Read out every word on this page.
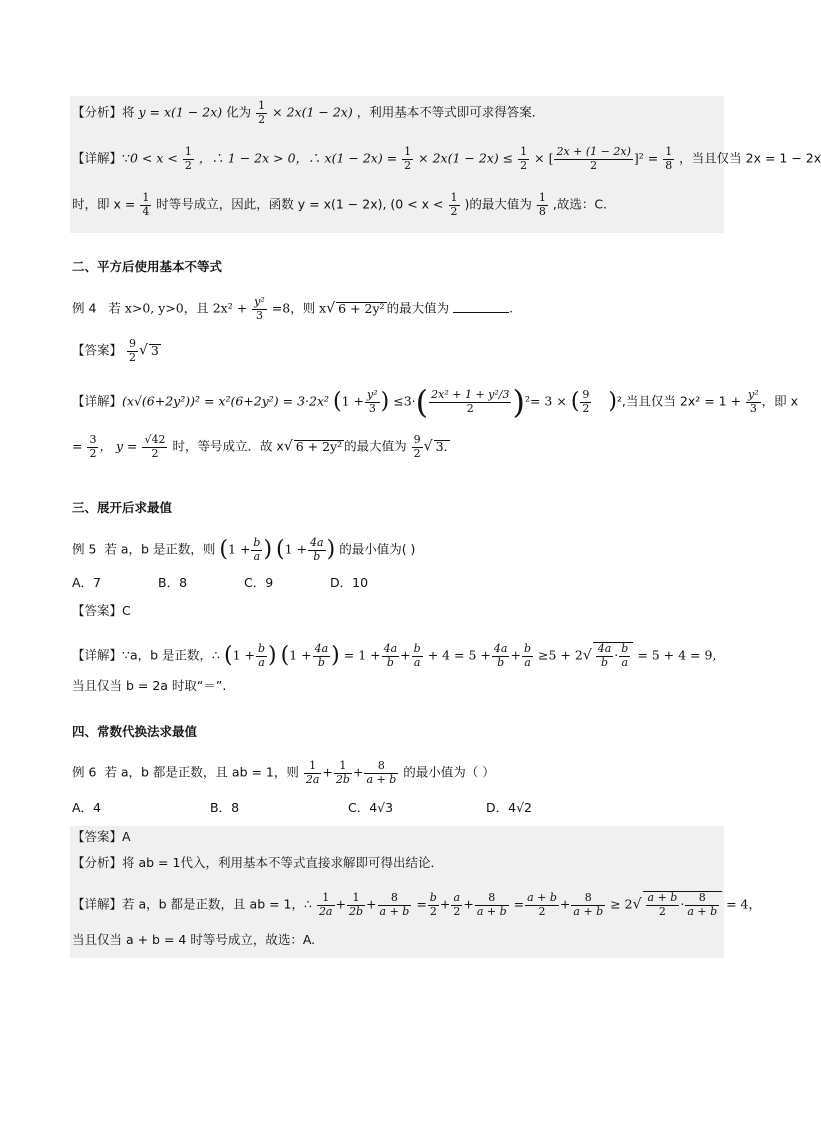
【分析】将 y = x(1 − 2x) 化为 $\frac{1}{2} \times 2x(1 - 2x)$ ，利用基本不等式即可求得答案.
【详解】∵0 < $x < \frac{1}{2}$ ，∴ 1 − 2x > 0，∴ $x(1 - 2x) = \frac{1}{2} \times 2x(1 - 2x) \le \frac{1}{2}$ × [ $\frac{2x + (1 - 2x)}{2} ]^2 = \frac{1}{8}$ ，当且仅当 2x = 1 − 2x
时，即 $x = \frac{1}{4}$ 时等号成立，因此，函数 y = x(1 − 2x), ($0 < x < \frac{1}{2}$ )的最大值为 $\frac{1}{8}$ ,故选：C.
二、平方后使用基本不等式
例 4 若 x>0, y>0，且 $2x^2 + \frac{\text{y²}}{3} =8$，则 x√ 6 + 2y² 的最大值为	.
【答案】 $\frac{9}{2}$ √ 3
【详解】(x√(6+2y²))² = x²(6+2y²) = 3·2x² ($1 + \frac{\text{y²}}{3}$ ) $\le 3\cdot( \frac{\text{2x² + 1 + y²/3}}{2} )^2= 3$ × ( $\frac{9}{2} )^2$,当且仅当 $2x^2 = 1 + \frac{\text{y²}}{3}$ ，即 x
= $\frac{3}{2}$ ， $y = \frac{√42}{2}$ 时，等号成立．故 x√ 6 + 2y² 的最大值为 $\frac{9}{2}$ √ 3.
三、展开后求最值
例 5 若 a，b 是正数，则 ($1 + \frac{b}{a}$ ) ($1 + \frac{4a}{b}$ ) 的最小值为( )
A．7	B．8	C．9	D．10
【答案】C
【详解】∵a，b 是正数，∴ ($1 + \frac{b}{a}$ ) ($1 + \frac{4a}{b}$ ) = $1 + \frac{4a}{b} + \frac{b}{a} + 4 = 5 + \frac{4a}{b} + \frac{b}{a} \ge 5 + 2√ \frac{4a}{b} \cdot \frac{b}{a} = 5 + 4 = 9$,
当且仅当 b = 2a 时取“＝”.
四、常数代换法求最值
例 6 若 a，b 都是正数，且 ab = 1，则 $\frac{1}{2a} + \frac{1}{2b} + \frac{8}{a + b}$ 的最小值为（ ）
A．4	B．8	C．4√3	D．4√2
【答案】A
【分析】将 ab = 1代入，利用基本不等式直接求解即可得出结论．
【详解】若 a，b 都是正数，且 ab = 1，∴ $\frac{1}{2a} + \frac{1}{2b} + \frac{8}{a + b} = \frac{b}{2} + \frac{a}{2} + \frac{8}{a + b} = \frac{a + b}{2} + \frac{8}{a + b} \ge 2√ \frac{a + b}{2} \cdot \frac{8}{a + b} = 4$，
当且仅当 a + b = 4 时等号成立，故选：A.
